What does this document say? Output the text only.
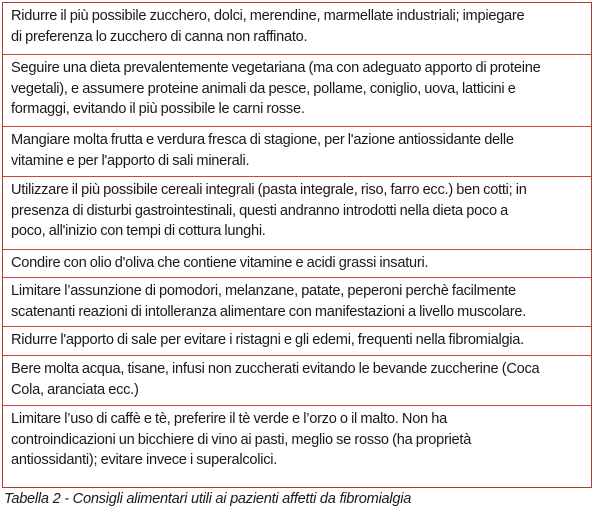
Ridurre il più possibile zucchero, dolci, merendine, marmellate industriali; impiegare
di preferenza lo zucchero di canna non raffinato.
Seguire una dieta prevalentemente vegetariana (ma con adeguato apporto di proteine
vegetali), e assumere proteine animali da pesce, pollame, coniglio, uova, latticini e
formaggi, evitando il più possibile le carni rosse.
Mangiare molta frutta e verdura fresca di stagione, per l'azione antiossidante delle
vitamine e per l'apporto di sali minerali.
Utilizzare il più possibile cereali integrali (pasta integrale, riso, farro ecc.) ben cotti; in
presenza di disturbi gastrointestinali, questi andranno introdotti nella dieta poco a
poco, all'inizio con tempi di cottura lunghi.
Condire con olio d'oliva che contiene vitamine e acidi grassi insaturi.
Limitare l’assunzione di pomodori, melanzane, patate, peperoni perchè facilmente
scatenanti reazioni di intolleranza alimentare con manifestazioni a livello muscolare.
Ridurre l'apporto di sale per evitare i ristagni e gli edemi, frequenti nella fibromialgia.
Bere molta acqua, tisane, infusi non zuccherati evitando le bevande zuccherine (Coca
Cola, aranciata ecc.)
Limitare l’uso di caffè e tè, preferire il tè verde e l’orzo o il malto. Non ha
controindicazioni un bicchiere di vino ai pasti, meglio se rosso (ha proprietà
antiossidanti); evitare invece i superalcolici.
Tabella 2 - Consigli alimentari utili ai pazienti affetti da fibromialgia
